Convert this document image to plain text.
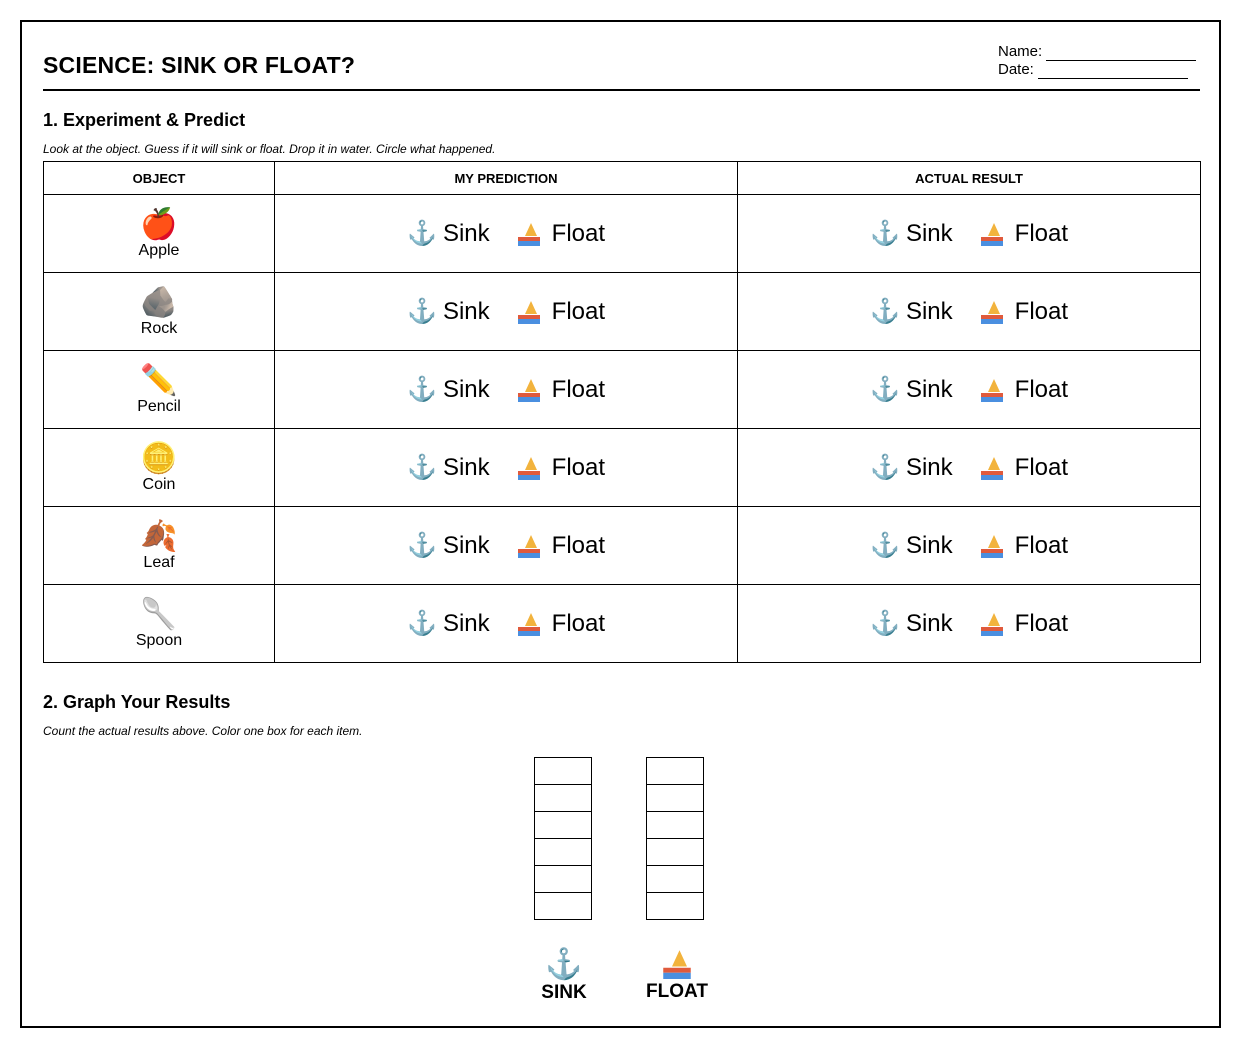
SCIENCE: SINK OR FLOAT?
Name:
Date:
1. Experiment & Predict
Look at the object. Guess if it will sink or float. Drop it in water. Circle what happened.
OBJECT	MY PREDICTION	ACTUAL RESULT

🍎
Apple	⚓ Sink Float	⚓ Sink Float

🪨
Rock	⚓ Sink Float	⚓ Sink Float

✏️
Pencil	⚓ Sink Float	⚓ Sink Float

🪙
Coin	⚓ Sink Float	⚓ Sink Float

🍂
Leaf	⚓ Sink Float	⚓ Sink Float

🥄
Spoon	⚓ Sink Float	⚓ Sink Float
2. Graph Your Results
Count the actual results above. Color one box for each item.
⚓
SINK	FLOAT
